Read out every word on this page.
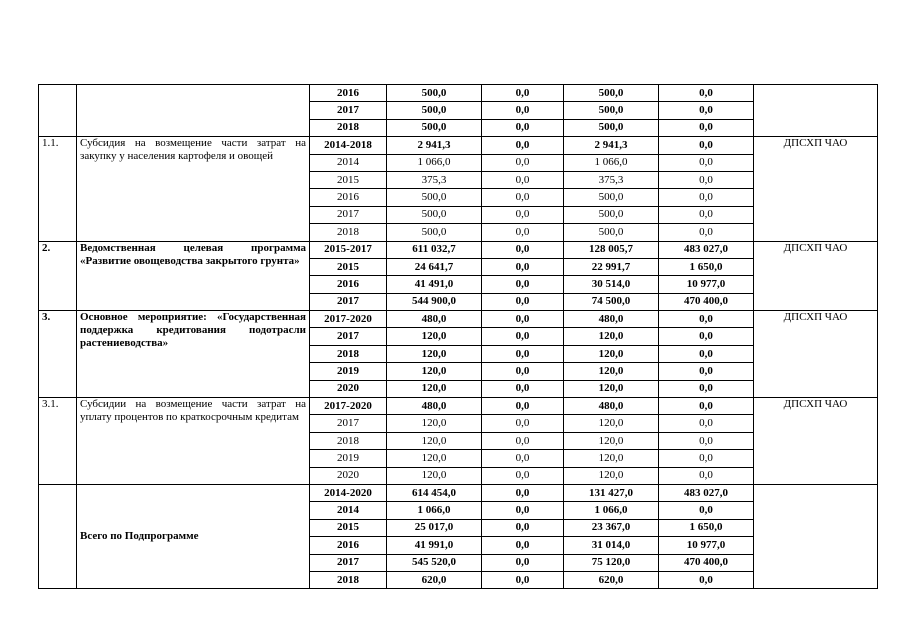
		2016	500,0	0,0	500,0	0,0	
		2017	500,0	0,0	500,0	0,0	
		2018	500,0	0,0	500,0	0,0	
1.1.	Субсидия на возмещение части затрат на закупку у населения картофеля и овощей	2014-2018	2 941,3	0,0	2 941,3	0,0	ДПСХП ЧАО
		2014	1 066,0	0,0	1 066,0	0,0	
		2015	375,3	0,0	375,3	0,0	
		2016	500,0	0,0	500,0	0,0	
		2017	500,0	0,0	500,0	0,0	
		2018	500,0	0,0	500,0	0,0	
2.	Ведомственная целевая программа «Развитие овощеводства закрытого грунта»	2015-2017	611 032,7	0,0	128 005,7	483 027,0	ДПСХП ЧАО
		2015	24 641,7	0,0	22 991,7	1 650,0	
		2016	41 491,0	0,0	30 514,0	10 977,0	
		2017	544 900,0	0,0	74 500,0	470 400,0	
3.	Основное мероприятие: «Государственная поддержка кредитования подотрасли растениеводства»	2017-2020	480,0	0,0	480,0	0,0	ДПСХП ЧАО
		2017	120,0	0,0	120,0	0,0	
		2018	120,0	0,0	120,0	0,0	
		2019	120,0	0,0	120,0	0,0	
		2020	120,0	0,0	120,0	0,0	
3.1.	Субсидии на возмещение части затрат на уплату процентов по краткосрочным кредитам	2017-2020	480,0	0,0	480,0	0,0	ДПСХП ЧАО
		2017	120,0	0,0	120,0	0,0	
		2018	120,0	0,0	120,0	0,0	
		2019	120,0	0,0	120,0	0,0	
		2020	120,0	0,0	120,0	0,0	
	Всего по Подпрограмме	2014-2020	614 454,0	0,0	131 427,0	483 027,0	
		2014	1 066,0	0,0	1 066,0	0,0	
		2015	25 017,0	0,0	23 367,0	1 650,0	
		2016	41 991,0	0,0	31 014,0	10 977,0	
		2017	545 520,0	0,0	75 120,0	470 400,0	
		2018	620,0	0,0	620,0	0,0	
